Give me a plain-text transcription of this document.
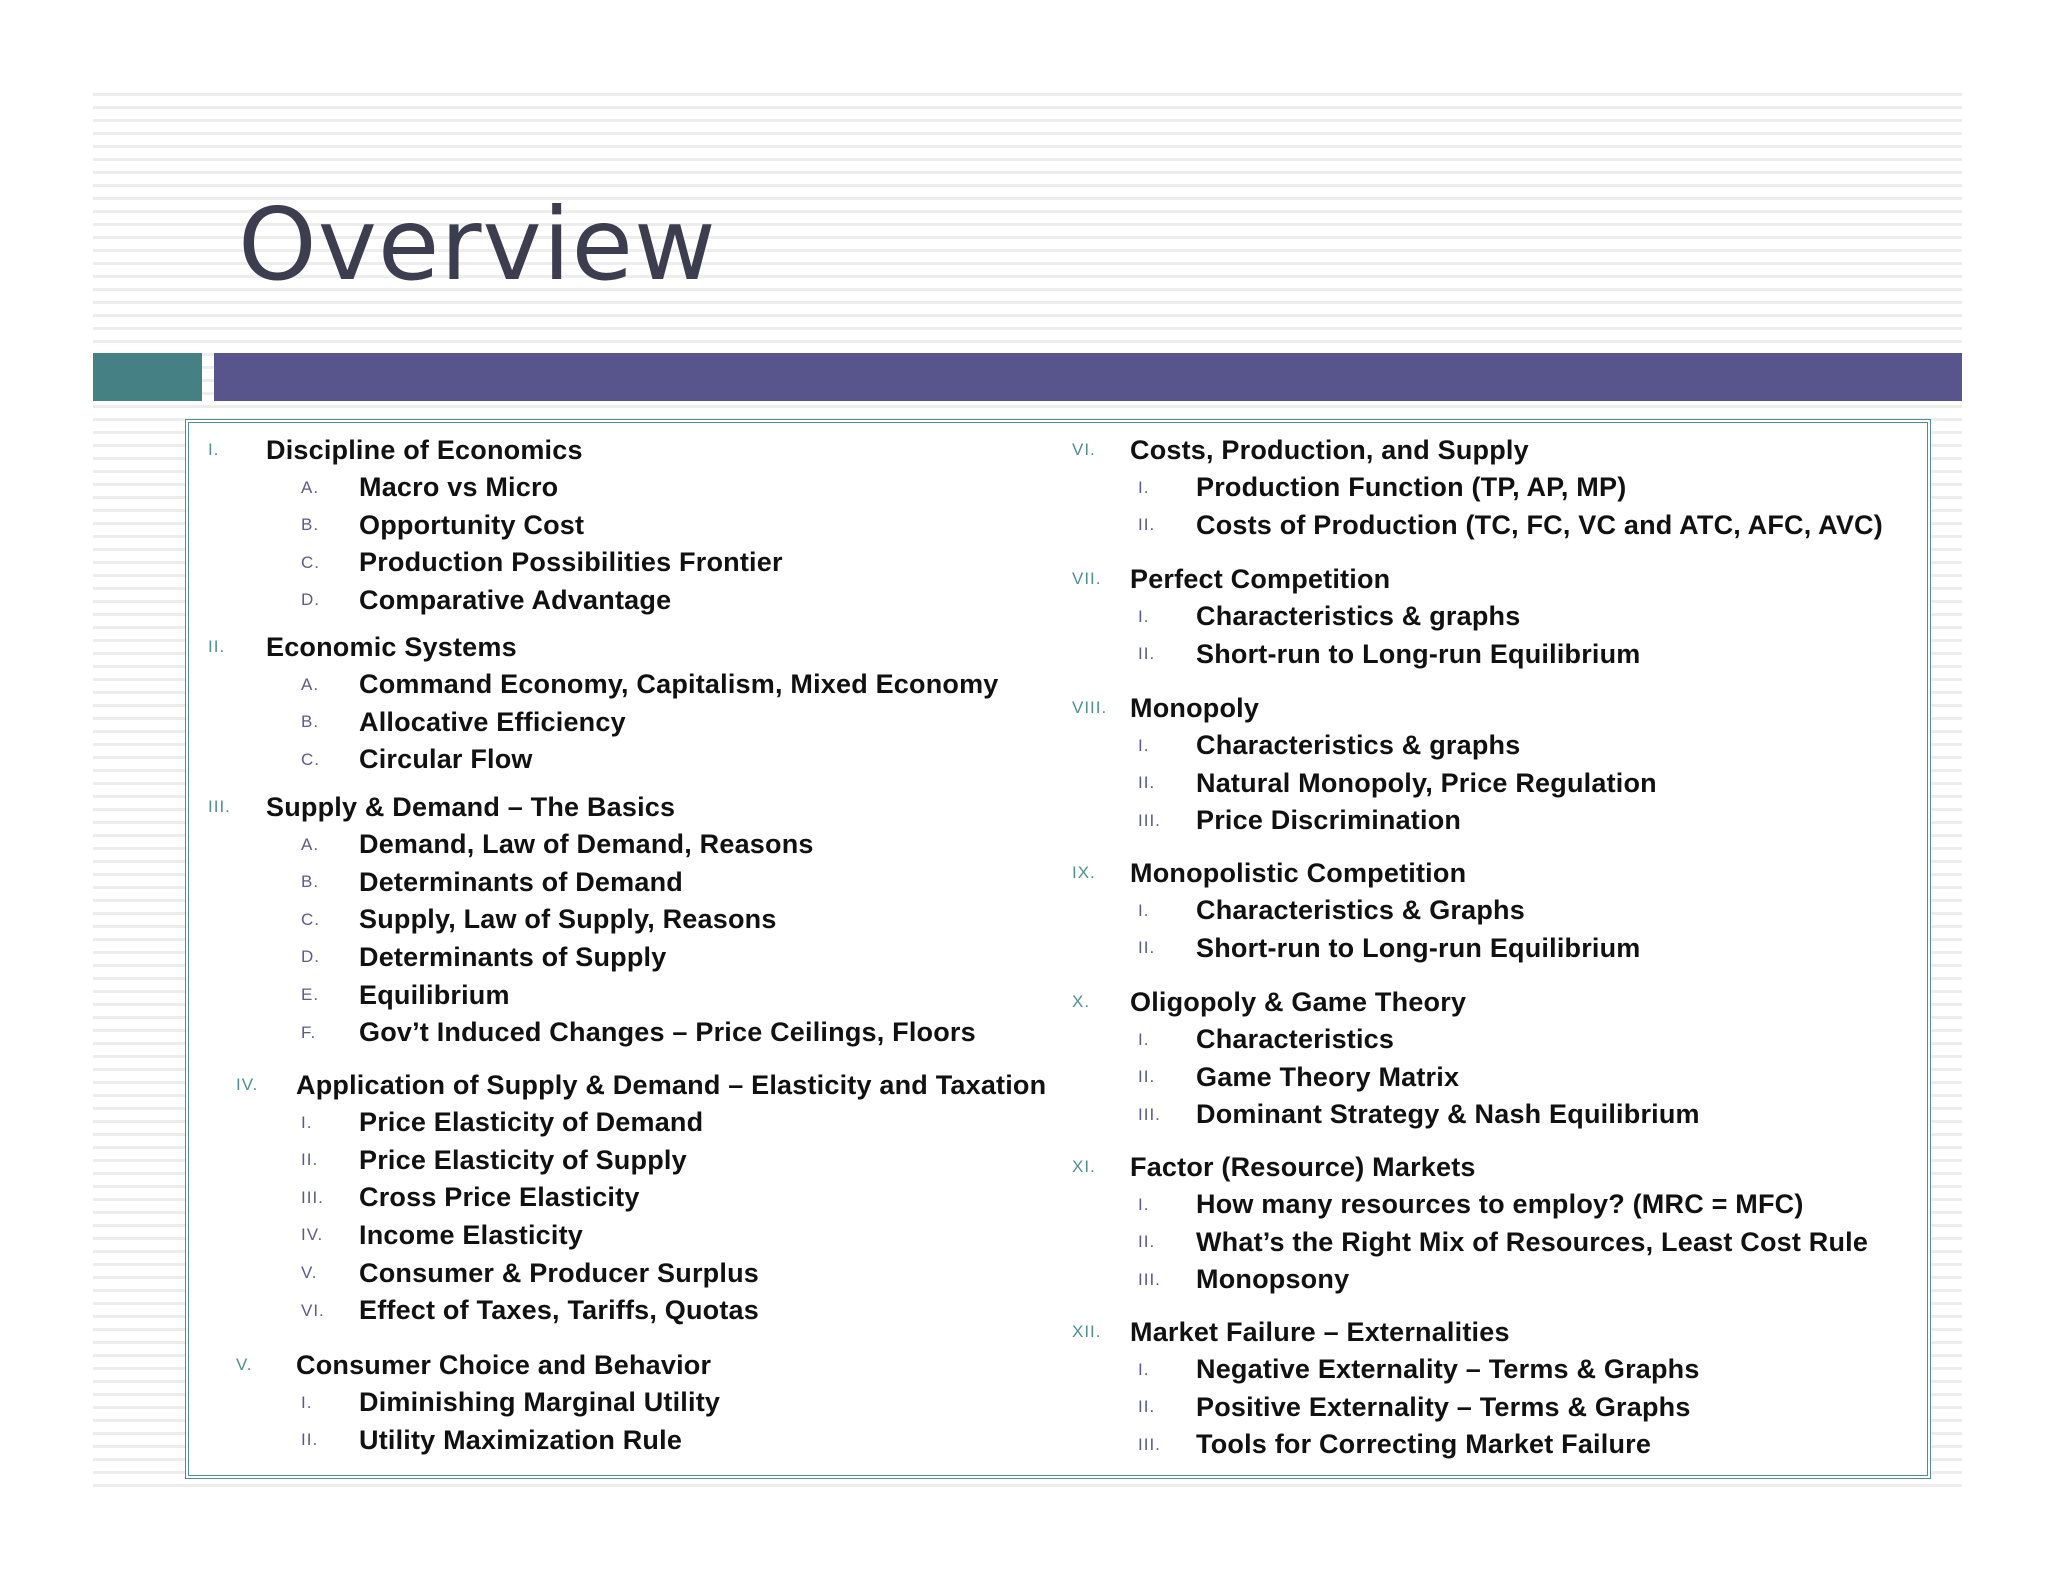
Overview
I. Discipline of Economics
A. Macro vs Micro
B. Opportunity Cost
C. Production Possibilities Frontier
D. Comparative Advantage
II. Economic Systems
A. Command Economy, Capitalism, Mixed Economy
B. Allocative Efficiency
C. Circular Flow
III. Supply & Demand – The Basics
A. Demand, Law of Demand, Reasons
B. Determinants of Demand
C. Supply, Law of Supply, Reasons
D. Determinants of Supply
E. Equilibrium
F. Gov’t Induced Changes – Price Ceilings, Floors
IV. Application of Supply & Demand – Elasticity and Taxation
I. Price Elasticity of Demand
II. Price Elasticity of Supply
III. Cross Price Elasticity
IV. Income Elasticity
V. Consumer & Producer Surplus
VI. Effect of Taxes, Tariffs, Quotas
V. Consumer Choice and Behavior
I. Diminishing Marginal Utility
II. Utility Maximization Rule
VI. Costs, Production, and Supply
I. Production Function (TP, AP, MP)
II. Costs of Production (TC, FC, VC and ATC, AFC, AVC)
VII. Perfect Competition
I. Characteristics & graphs
II. Short-run to Long-run Equilibrium
VIII. Monopoly
I. Characteristics & graphs
II. Natural Monopoly, Price Regulation
III. Price Discrimination
IX. Monopolistic Competition
I. Characteristics & Graphs
II. Short-run to Long-run Equilibrium
X. Oligopoly & Game Theory
I. Characteristics
II. Game Theory Matrix
III. Dominant Strategy & Nash Equilibrium
XI. Factor (Resource) Markets
I. How many resources to employ? (MRC = MFC)
II. What’s the Right Mix of Resources, Least Cost Rule
III. Monopsony
XII. Market Failure – Externalities
I. Negative Externality – Terms & Graphs
II. Positive Externality – Terms & Graphs
III. Tools for Correcting Market Failure
